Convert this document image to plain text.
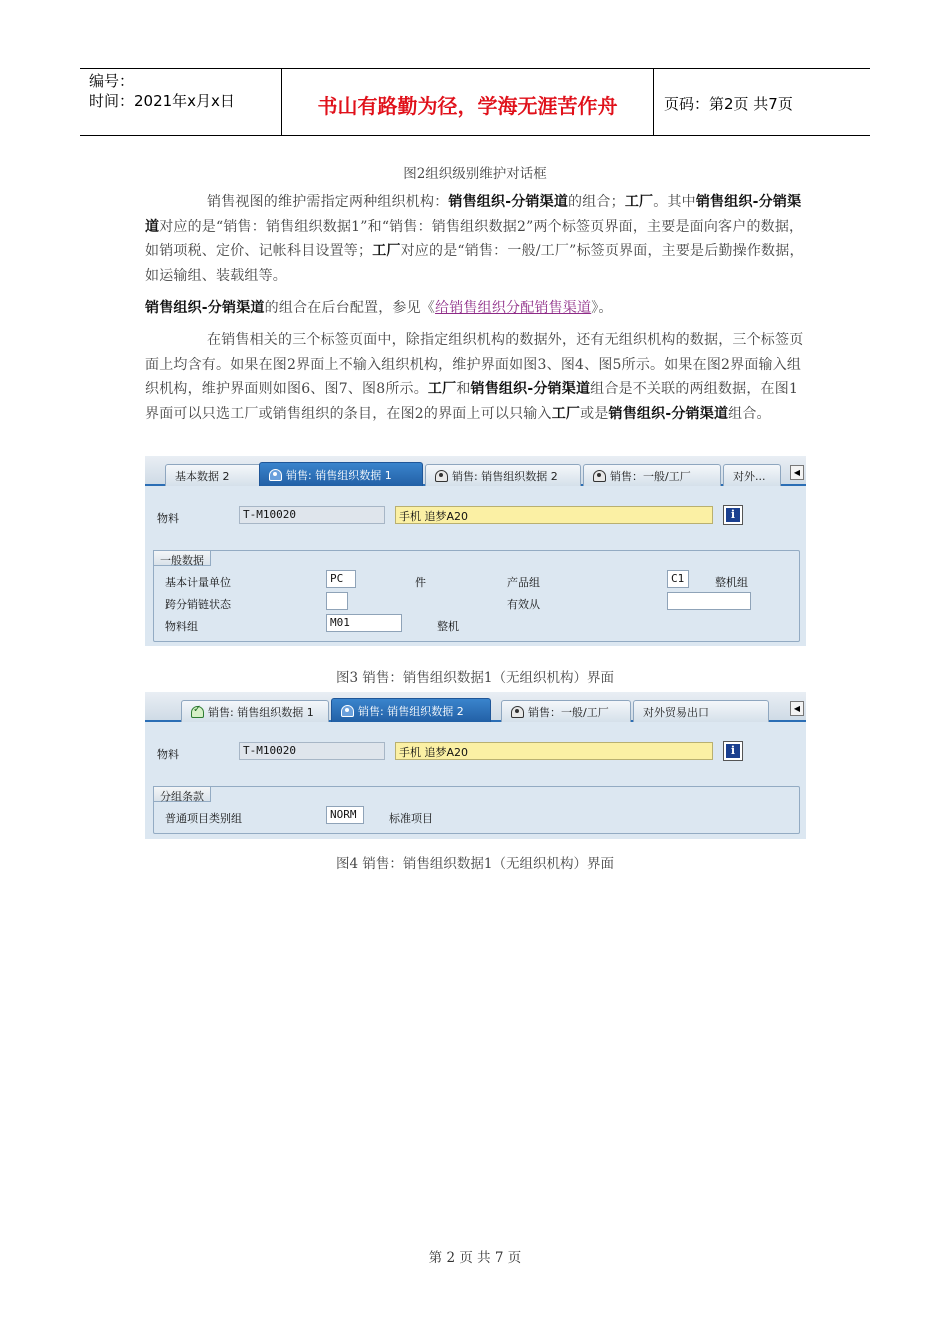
编号：
时间：2021年x月x日	书山有路勤为径，学海无涯苦作舟	页码：第2页 共7页
图2组织级别维护对话框
销售视图的维护需指定两种组织机构：销售组织-分销渠道的组合；工厂。其中销售组织-分销渠道对应的是“销售：销售组织数据1”和“销售：销售组织数据2”两个标签页界面，主要是面向客户的数据，如销项税、定价、记帐科目设置等；工厂对应的是“销售：一般/工厂”标签页界面，主要是后勤操作数据，如运输组、装载组等。
销售组织-分销渠道的组合在后台配置，参见《给销售组织分配销售渠道》。
在销售相关的三个标签页面中，除指定组织机构的数据外，还有无组织机构的数据，三个标签页面上均含有。如果在图2界面上不输入组织机构，维护界面如图3、图4、图5所示。如果在图2界面输入组织机构，维护界面则如图6、图7、图8所示。工厂和销售组织-分销渠道组合是不关联的两组数据，在图1界面可以只选工厂或销售组织的条目，在图2的界面上可以只输入工厂或是销售组织-分销渠道组合。
基本数据 2	销售: 销售组织数据 1	销售: 销售组织数据 2	销售：一般/工厂	对外...	◀
物料	T-M10020	手机 追梦A20	i
一般数据
基本计量单位	PC	件	产品组	C1	整机组
跨分销链状态	有效从
物料组	M01	整机
图3 销售：销售组织数据1（无组织机构）界面
✓
销售: 销售组织数据 1	销售: 销售组织数据 2	销售：一般/工厂	对外贸易出口	◀
物料	T-M10020	手机 追梦A20	i
分组条款
普通项目类别组	NORM	标准项目
图4 销售：销售组织数据1（无组织机构）界面
第 2 页 共 7 页
